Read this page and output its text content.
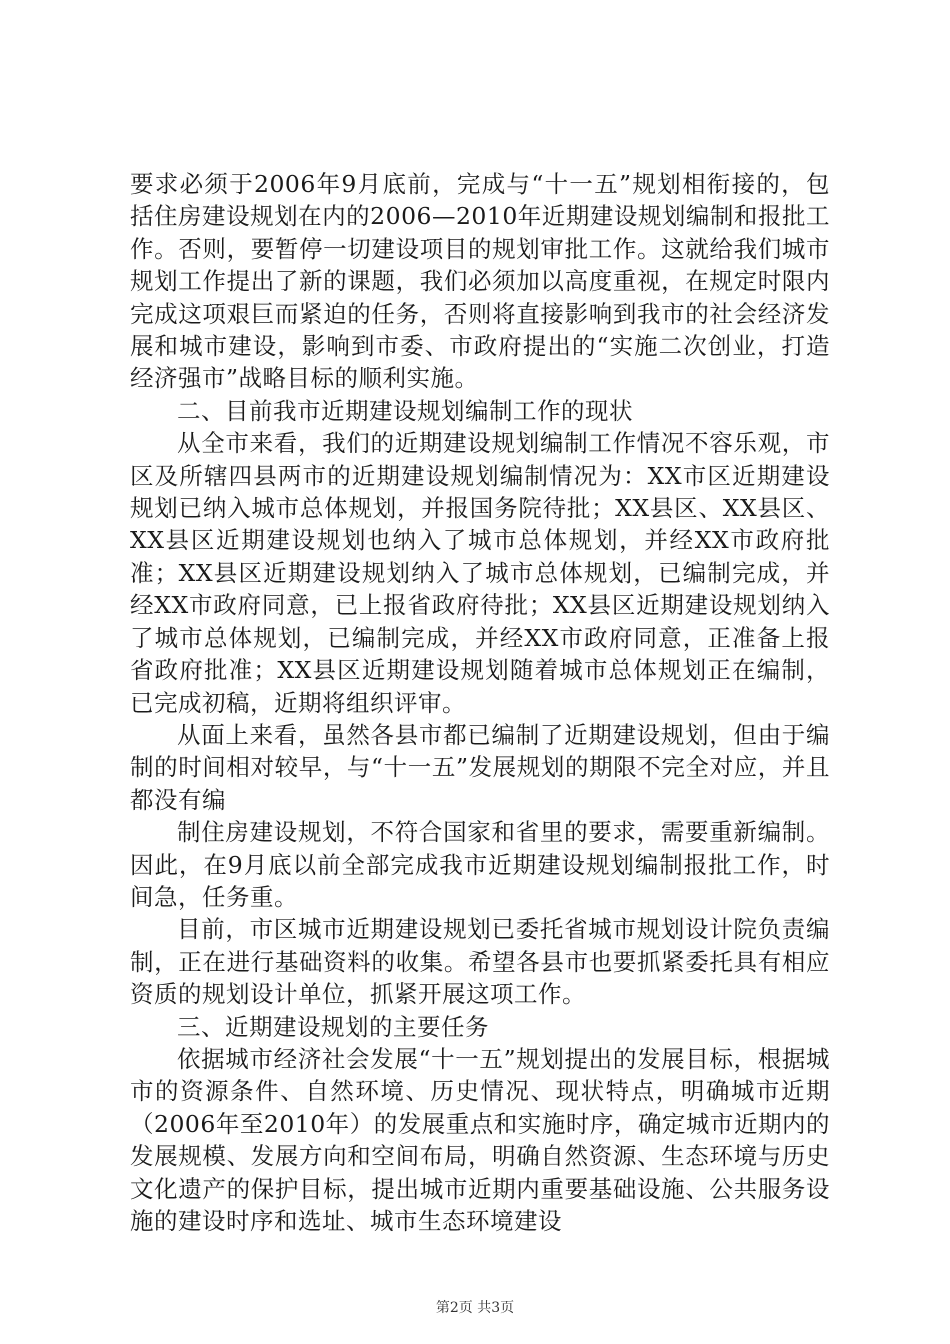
要求必须于2006年9月底前，完成与“十一五”规划相衔接的，包括住房建设规划在内的2006—2010年近期建设规划编制和报批工作。否则，要暂停一切建设项目的规划审批工作。这就给我们城市规划工作提出了新的课题，我们必须加以高度重视，在规定时限内完成这项艰巨而紧迫的任务，否则将直接影响到我市的社会经济发展和城市建设，影响到市委、市政府提出的“实施二次创业，打造经济强市”战略目标的顺利实施。

二、目前我市近期建设规划编制工作的现状

从全市来看，我们的近期建设规划编制工作情况不容乐观，市区及所辖四县两市的近期建设规划编制情况为：XX市区近期建设规划已纳入城市总体规划，并报国务院待批；XX县区、XX县区、XX县区近期建设规划也纳入了城市总体规划，并经XX市政府批准；XX县区近期建设规划纳入了城市总体规划，已编制完成，并经XX市政府同意，已上报省政府待批；XX县区近期建设规划纳入了城市总体规划，已编制完成，并经XX市政府同意，正准备上报省政府批准；XX县区近期建设规划随着城市总体规划正在编制，已完成初稿，近期将组织评审。

从面上来看，虽然各县市都已编制了近期建设规划，但由于编制的时间相对较早，与“十一五”发展规划的期限不完全对应，并且都没有编

制住房建设规划，不符合国家和省里的要求，需要重新编制。因此，在9月底以前全部完成我市近期建设规划编制报批工作，时间急，任务重。

目前，市区城市近期建设规划已委托省城市规划设计院负责编制，正在进行基础资料的收集。希望各县市也要抓紧委托具有相应资质的规划设计单位，抓紧开展这项工作。

三、近期建设规划的主要任务

依据城市经济社会发展“十一五”规划提出的发展目标，根据城市的资源条件、自然环境、历史情况、现状特点，明确城市近期（2006年至2010年）的发展重点和实施时序，确定城市近期内的发展规模、发展方向和空间布局，明确自然资源、生态环境与历史文化遗产的保护目标，提出城市近期内重要基础设施、公共服务设施的建设时序和选址、城市生态环境建设

第2页 共3页
